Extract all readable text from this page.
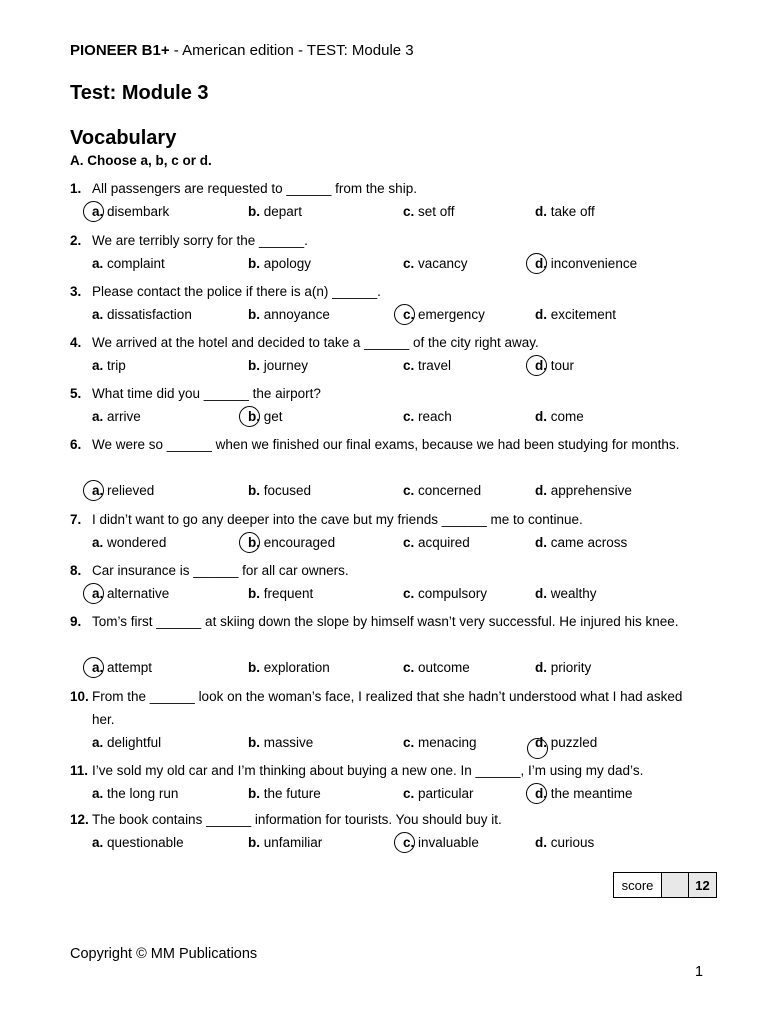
PIONEER B1+ - American edition - TEST: Module 3
Test: Module 3
Vocabulary
A. Choose a, b, c or d.
1. All passengers are requested to ______ from the ship.
a. disembark	b. depart	c. set off	d. take off
2. We are terribly sorry for the ______.
a. complaint	b. apology	c. vacancy	d. inconvenience
3. Please contact the police if there is a(n) ______.
a. dissatisfaction	b. annoyance	c. emergency	d. excitement
4. We arrived at the hotel and decided to take a ______ of the city right away.
a. trip	b. journey	c. travel	d. tour
5. What time did you ______ the airport?
a. arrive	b. get	c. reach	d. come
6. We were so ______ when we finished our final exams, because we had been studying for months.
a. relieved	b. focused	c. concerned	d. apprehensive
7. I didn’t want to go any deeper into the cave but my friends ______ me to continue.
a. wondered	b. encouraged	c. acquired	d. came across
8. Car insurance is ______ for all car owners.
a. alternative	b. frequent	c. compulsory	d. wealthy
9. Tom’s first ______ at skiing down the slope by himself wasn’t very successful. He injured his knee.
a. attempt	b. exploration	c. outcome	d. priority
10. From the ______ look on the woman’s face, I realized that she hadn’t understood what I had asked her.
a. delightful	b. massive	c. menacing	d. puzzled
11. I’ve sold my old car and I’m thinking about buying a new one. In ______, I’m using my dad’s.
a. the long run	b. the future	c. particular	d. the meantime
12. The book contains ______ information for tourists. You should buy it.
a. questionable	b. unfamiliar	c. invaluable	d. curious
score	12
Copyright © MM Publications
1
